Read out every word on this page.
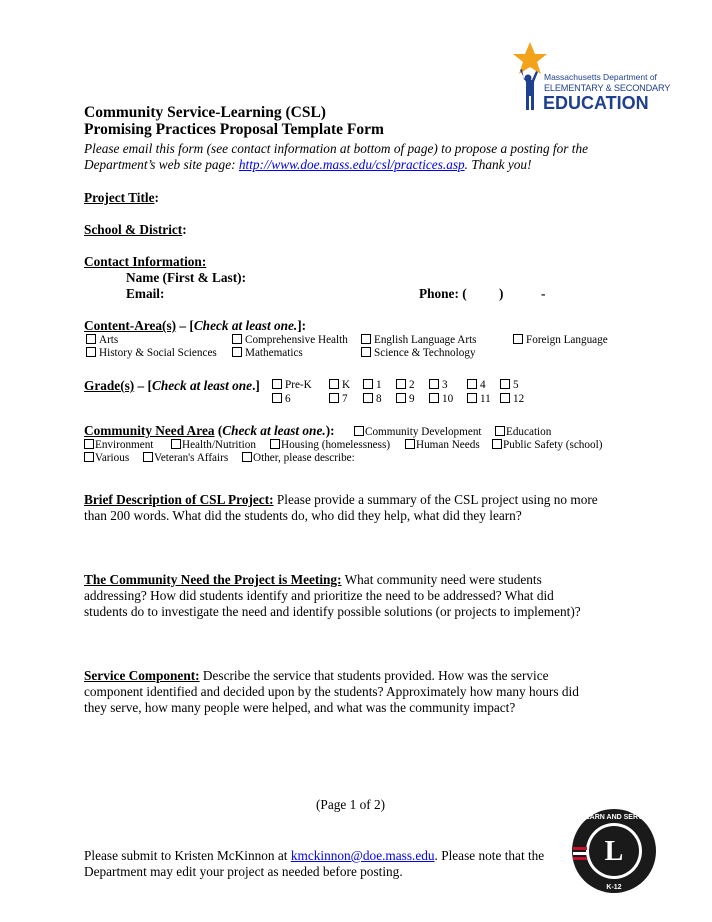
Massachusetts Department of
ELEMENTARY & SECONDARY
EDUCATION
Community Service-Learning (CSL)
Promising Practices Proposal Template Form
Please email this form (see contact information at bottom of page) to propose a posting for the
Department’s web site page: http://www.doe.mass.edu/csl/practices.asp. Thank you!
Project Title:
School & District:
Contact Information:
Name (First & Last):
Email:	Phone: ( )	-
Content-Area(s) – [Check at least one.]:
Arts	Comprehensive Health	English Language Arts	Foreign Language
History & Social Sciences	Mathematics	Science & Technology
Grade(s) – [Check at least one.]	Pre-K	K	1	2	3	4	5
6	7	8	9	10	11	12
Community Need Area (Check at least one.):	Community Development	Education
Environment	Health/Nutrition	Housing (homelessness)	Human Needs	Public Safety (school)
Various	Veteran's Affairs	Other, please describe:
Brief Description of CSL Project: Please provide a summary of the CSL project using no more
than 200 words. What did the students do, who did they help, what did they learn?
The Community Need the Project is Meeting: What community need were students
addressing? How did students identify and prioritize the need to be addressed? What did
students do to investigate the need and identify possible solutions (or projects to implement)?
Service Component: Describe the service that students provided. How was the service
component identified and decided upon by the students? Approximately how many hours did
they serve, how many people were helped, and what was the community impact?
(Page 1 of 2)
Please submit to Kristen McKinnon at kmckinnon@doe.mass.edu. Please note that the
Department may edit your project as needed before posting.
L
LEARN AND SERVE
K-12
